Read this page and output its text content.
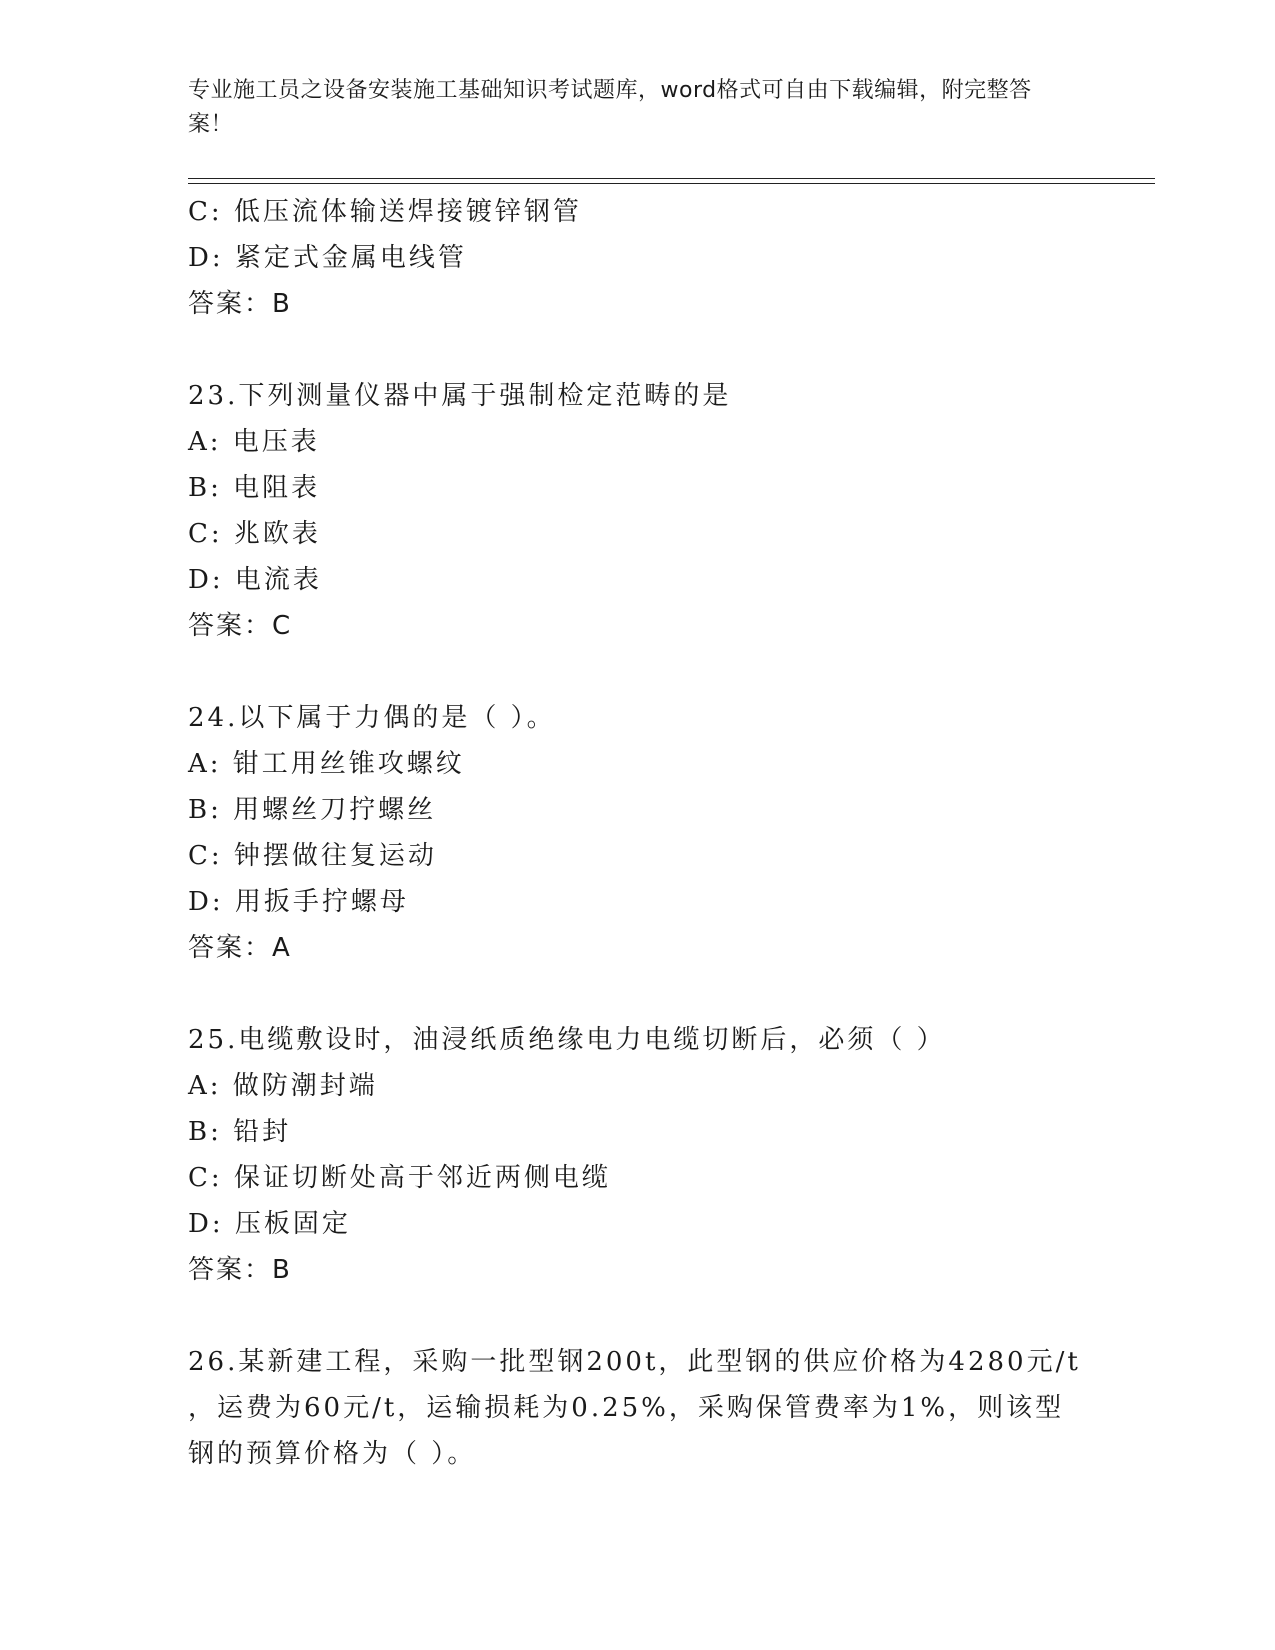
专业施工员之设备安装施工基础知识考试题库，word格式可自由下载编辑，附完整答案！
C: 低压流体输送焊接镀锌钢管
D: 紧定式金属电线管
答案：B
23.下列测量仪器中属于强制检定范畴的是
A: 电压表
B: 电阻表
C: 兆欧表
D: 电流表
答案：C
24.以下属于力偶的是（ ）。
A: 钳工用丝锥攻螺纹
B: 用螺丝刀拧螺丝
C: 钟摆做往复运动
D: 用扳手拧螺母
答案：A
25.电缆敷设时，油浸纸质绝缘电力电缆切断后，必须（ ）
A: 做防潮封端
B: 铅封
C: 保证切断处高于邻近两侧电缆
D: 压板固定
答案：B
26.某新建工程，采购一批型钢200t，此型钢的供应价格为4280元/t
，运费为60元/t，运输损耗为0.25%，采购保管费率为1%，则该型
钢的预算价格为（ ）。
